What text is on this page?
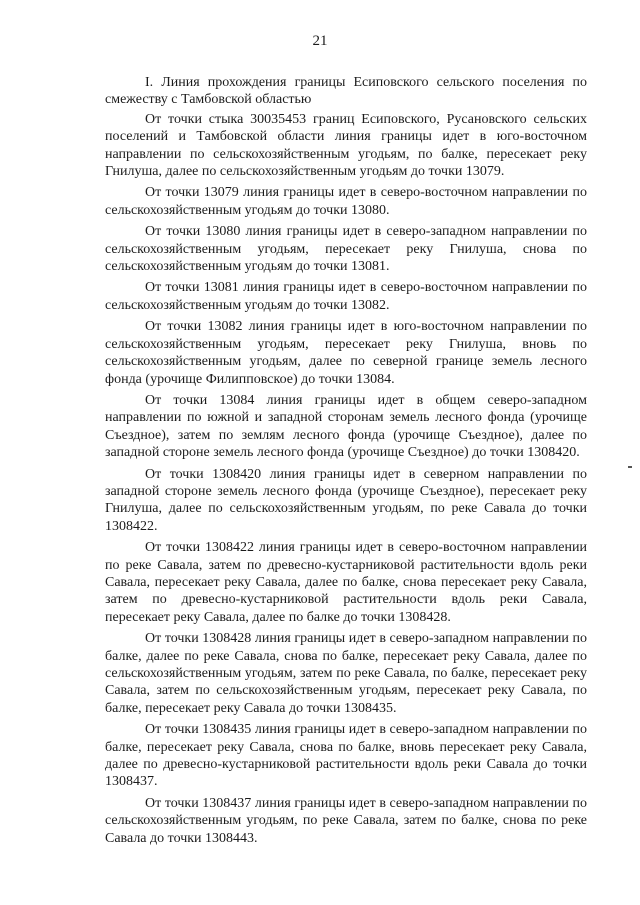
21

I. Линия прохождения границы Есиповского сельского поселения по смежеству с Тамбовской областью

От точки стыка 30035453 границ Есиповского, Русановского сельских поселений и Тамбовской области линия границы идет в юго-восточном направлении по сельскохозяйственным угодьям, по балке, пересекает реку Гнилуша, далее по сельскохозяйственным угодьям до точки 13079.

От точки 13079 линия границы идет в северо-восточном направлении по сельскохозяйственным угодьям до точки 13080.

От точки 13080 линия границы идет в северо-западном направлении по сельскохозяйственным угодьям, пересекает реку Гнилуша, снова по сельскохозяйственным угодьям до точки 13081.

От точки 13081 линия границы идет в северо-восточном направлении по сельскохозяйственным угодьям до точки 13082.

От точки 13082 линия границы идет в юго-восточном направлении по сельскохозяйственным угодьям, пересекает реку Гнилуша, вновь по сельскохозяйственным угодьям, далее по северной границе земель лесного фонда (урочище Филипповское) до точки 13084.

От точки 13084 линия границы идет в общем северо-западном направлении по южной и западной сторонам земель лесного фонда (урочище Съездное), затем по землям лесного фонда (урочище Съездное), далее по западной стороне земель лесного фонда (урочище Съездное) до точки 1308420.

От точки 1308420 линия границы идет в северном направлении по западной стороне земель лесного фонда (урочище Съездное), пересекает реку Гнилуша, далее по сельскохозяйственным угодьям, по реке Савала до точки 1308422.

От точки 1308422 линия границы идет в северо-восточном направлении по реке Савала, затем по древесно-кустарниковой растительности вдоль реки Савала, пересекает реку Савала, далее по балке, снова пересекает реку Савала, затем по древесно-кустарниковой растительности вдоль реки Савала, пересекает реку Савала, далее по балке до точки 1308428.

От точки 1308428 линия границы идет в северо-западном направлении по балке, далее по реке Савала, снова по балке, пересекает реку Савала, далее по сельскохозяйственным угодьям, затем по реке Савала, по балке, пересекает реку Савала, затем по сельскохозяйственным угодьям, пересекает реку Савала, по балке, пересекает реку Савала до точки 1308435.

От точки 1308435 линия границы идет в северо-западном направлении по балке, пересекает реку Савала, снова по балке, вновь пересекает реку Савала, далее по древесно-кустарниковой растительности вдоль реки Савала до точки 1308437.

От точки 1308437 линия границы идет в северо-западном направлении по сельскохозяйственным угодьям, по реке Савала, затем по балке, снова по реке Савала до точки 1308443.
